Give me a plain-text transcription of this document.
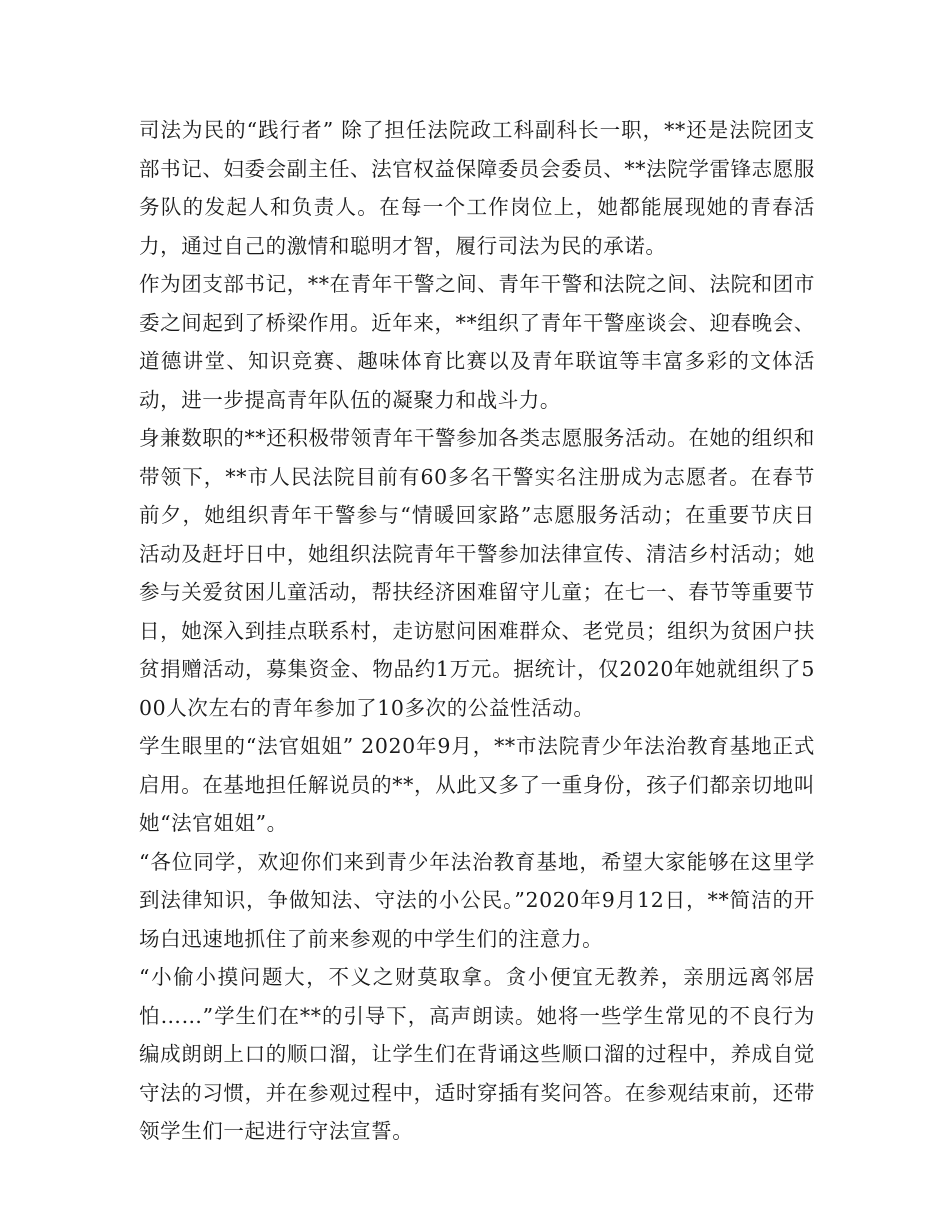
司法为民的“践行者” 除了担任法院政工科副科长一职，**还是法院团支部书记、妇委会副主任、法官权益保障委员会委员、**法院学雷锋志愿服务队的发起人和负责人。在每一个工作岗位上，她都能展现她的青春活力，通过自己的激情和聪明才智，履行司法为民的承诺。

作为团支部书记，**在青年干警之间、青年干警和法院之间、法院和团市委之间起到了桥梁作用。近年来，**组织了青年干警座谈会、迎春晚会、道德讲堂、知识竞赛、趣味体育比赛以及青年联谊等丰富多彩的文体活动，进一步提高青年队伍的凝聚力和战斗力。

身兼数职的**还积极带领青年干警参加各类志愿服务活动。在她的组织和带领下，**市人民法院目前有60多名干警实名注册成为志愿者。在春节前夕，她组织青年干警参与“情暖回家路”志愿服务活动；在重要节庆日活动及赶圩日中，她组织法院青年干警参加法律宣传、清洁乡村活动；她参与关爱贫困儿童活动，帮扶经济困难留守儿童；在七一、春节等重要节日，她深入到挂点联系村，走访慰问困难群众、老党员；组织为贫困户扶贫捐赠活动，募集资金、物品约1万元。据统计，仅2020年她就组织了500人次左右的青年参加了10多次的公益性活动。

学生眼里的“法官姐姐” 2020年9月，**市法院青少年法治教育基地正式启用。在基地担任解说员的**，从此又多了一重身份，孩子们都亲切地叫她“法官姐姐”。

“各位同学，欢迎你们来到青少年法治教育基地，希望大家能够在这里学到法律知识，争做知法、守法的小公民。”2020年9月12日，**简洁的开场白迅速地抓住了前来参观的中学生们的注意力。

“小偷小摸问题大，不义之财莫取拿。贪小便宜无教养，亲朋远离邻居怕……”学生们在**的引导下，高声朗读。她将一些学生常见的不良行为编成朗朗上口的顺口溜，让学生们在背诵这些顺口溜的过程中，养成自觉守法的习惯，并在参观过程中，适时穿插有奖问答。在参观结束前，还带领学生们一起进行守法宣誓。
